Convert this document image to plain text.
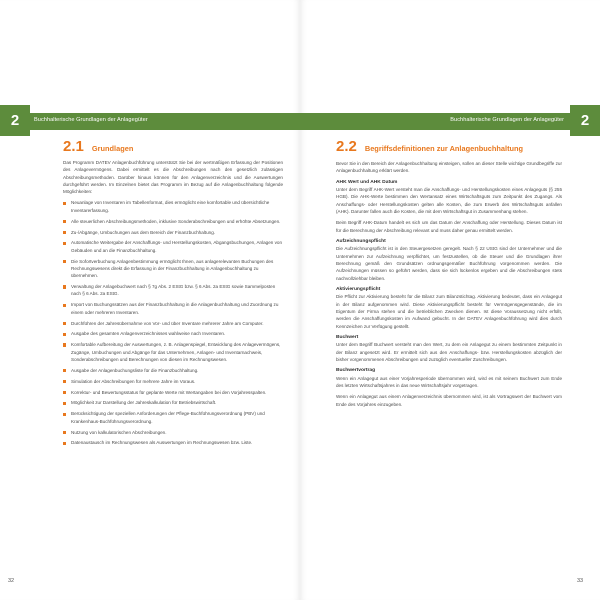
2	Buchhalterische Grundlagen der Anlagegüter
2.1 Grundlagen

Das Programm DATEV Anlagenbuchführung unterstützt Sie bei der wertmäßigen Erfassung der Positionen des Anlagevermögens. Dabei ermittelt es die Abschreibungen nach den gesetzlich zulässigen Abschreibungsmethoden. Darüber hinaus können für den Anlagenverzeichnis und die Auswertungen durchgeführt werden. Im Einzelnen bietet das Programm im Bezug auf die Anlagenbuchhaltung folgende Möglichkeiten:

Neuanlage von Inventaren im Tabellenformat, dies ermöglicht eine komfortable und übersichtliche Inventarerfassung.
Alle steuerlichen Abschreibungsmethoden, inklusive Sonderabschreibungen und erhöhte Absetzungen.
Zu-/Abgänge, Umbuchungen aus dem Bereich der Finanzbuchhaltung.
Automatische Weitergabe der Anschaffungs- und Herstellungskosten, Abgangsbuchungen, Anlagen von Gebäuden und an die Finanzbuchhaltung.
Die Sofortverbuchung Anlagenbestimmung ermöglicht Ihnen, aus anlagerelevanten Buchungen des Rechnungswesens direkt die Erfassung in der Finanzbuchhaltung in Anlagenbuchhaltung zu übernehmen.
Verwaltung der Anlagebuchwert nach § 7g Abs. 2 EStG bzw. § 6 Abs. 2a EStG sowie Sammelposten nach § 6 Abs. 2a EStG.
Import von Buchungssätzen aus der Finanzbuchhaltung in die Anlagenbuchhaltung und Zuordnung zu einem oder mehreren Inventaren.
Durchführen der Jahresübernahme von Vor- und über Inventare mehrerer Jahre am Computer.
Ausgabe des gesamten Anlagenverzeichnisses wahlweise nach Inventaren.
Komfortable Aufbereitung der Auswertungen, z. B. Anlagenspiegel, Entwicklung des Anlagevermögens, Zugänge, Umbuchungen und Abgänge für das Unternehmen, Anlagen- und Inventarnachweis, Sonderabschreibungen und Berechnungen von diesen im Rechnungswesen.
Ausgabe der Anlagenbuchungsliste für die Finanzbuchhaltung.
Simulation der Abschreibungen für mehrere Jahre im Voraus.
Korrektur- und Bewertungsstatus für geplante Werte mit Wertangaben bei den Vorjahresspalten.
Möglichkeit zur Darstellung der Jahreskalkulation für Betriebswirtschaft.
Berücksichtigung der speziellen Anforderungen der Pflege-Buchführungsverordnung (PBV) und Krankenhaus-Buchführungsverordnung.
Nutzung von kalkulatorischen Abschreibungen.
Datenaustausch im Rechnungswesen als Auswertungen im Rechnungswesen bzw. Liste.
32
2
Buchhalterische Grundlagen der Anlagegüter
2.2 Begriffsdefinitionen zur Anlagenbuchhaltung

Bevor Sie in den Bereich der Anlagenbuchhaltung einsteigen, sollen an dieser Stelle wichtige Grundbegriffe zur Anlagenbuchhaltung erklärt werden.

AHK Wert und AHK Datum

Unter dem Begriff AHK-Wert versteht man die Anschaffungs- und Herstellungskosten eines Anlageguts (§ 255 HGB). Die AHK-Werte bestimmen den Wertansatz eines Wirtschaftsguts zum Zeitpunkt des Zugangs. Als Anschaffungs- oder Herstellungskosten gelten alle Kosten, die zum Erwerb des Wirtschaftsguts anfallen (AHK). Darunter fallen auch die Kosten, die mit dem Wirtschaftsgut in Zusammenhang stehen.

Beim Begriff AHK-Datum handelt es sich um das Datum der Anschaffung oder Herstellung. Dieses Datum ist für die Berechnung der Abschreibung relevant und muss daher genau ermittelt werden.

Aufzeichnungspflicht

Die Aufzeichnungspflicht ist in den Steuergesetzen geregelt. Nach § 22 UStG sind der Unternehmer und die Unternehmen zur Aufzeichnung verpflichtet, um festzustellen, ob die Steuer und die Grundlagen ihrer Berechnung gemäß den Grundsätzen ordnungsgemäßer Buchführung vorgenommen werden. Die Aufzeichnungen müssen so geführt werden, dass sie sich lückenlos ergeben und die Abschreibungen stets nachvollziehbar bleiben.

Aktivierungspflicht

Die Pflicht zur Aktivierung besteht für die Bilanz zum Bilanzstichtag. Aktivierung bedeutet, dass ein Anlagegut in der Bilanz aufgenommen wird. Diese Aktivierungspflicht besteht für Vermögensgegenstände, die im Eigentum der Firma stehen und die betrieblichen Zwecken dienen. Ist diese Voraussetzung nicht erfüllt, werden die Anschaffungskosten im Aufwand gebucht. In der DATEV Anlagenbuchführung wird dies durch Kennzeichen zur Verfügung gestellt.

Buchwert

Unter dem Begriff Buchwert versteht man den Wert, zu dem ein Anlagegut zu einem bestimmten Zeitpunkt in der Bilanz angesetzt wird. Er ermittelt sich aus den Anschaffungs- bzw. Herstellungskosten abzüglich der bisher vorgenommenen Abschreibungen und zuzüglich eventueller Zuschreibungen.

Buchwertvortrag

Wenn ein Anlagegut aus einer Vorjahresperiode übernommen wird, wird es mit seinem Buchwert zum Ende des letzten Wirtschaftsjahres in das neue Wirtschaftsjahr vorgetragen.

Wenn ein Anlagegut aus einem Anlagenverzeichnis übernommen wird, ist als Vortragswert der Buchwert vom Ende des Vorjahres einzugeben.

33
